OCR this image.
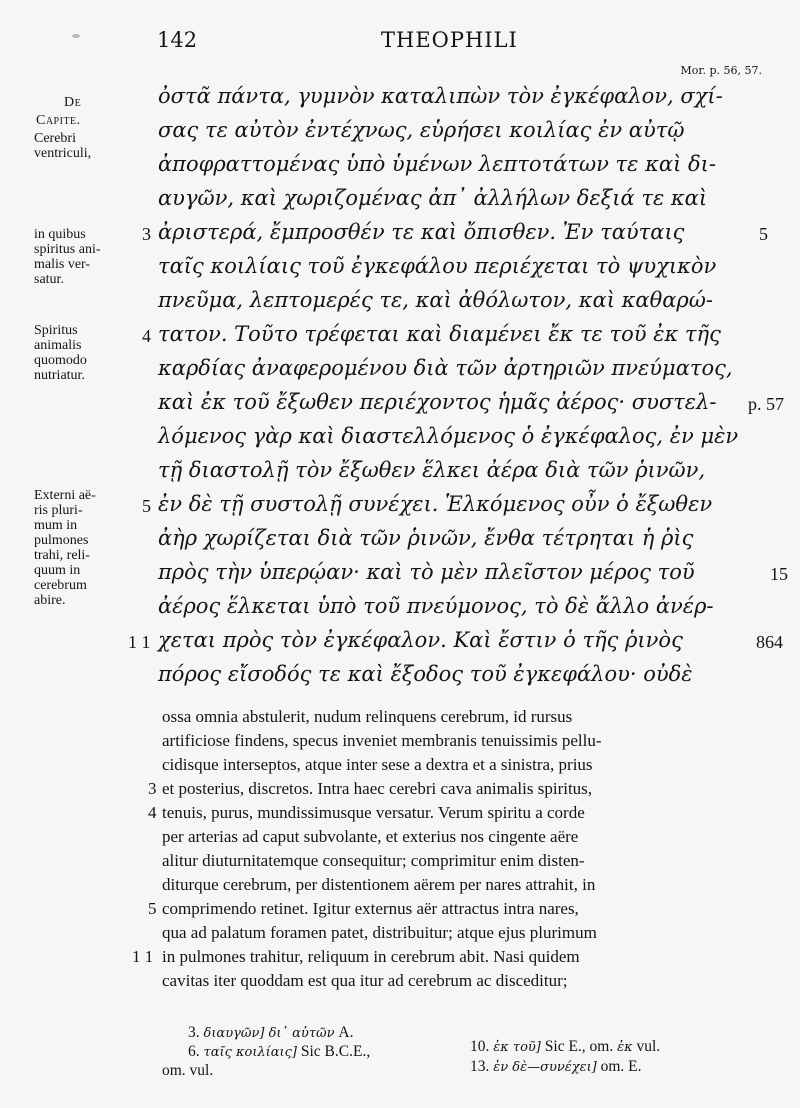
142	THEOPHILI
Mor. p. 56, 57.
De
Capite.
Cerebri
ventriculi,
in quibus
spiritus ani-
malis ver-
satur.
Spiritus
animalis
quomodo
nutriatur.
Externi aë-
ris pluri-
mum in
pulmones
trahi, reli-
quum in
cerebrum
abire.
ὀστᾶ πάντα, γυμνὸν καταλιπὼν τὸν ἐγκέφαλον, σχί-
σας τε αὐτὸν ἐντέχνως, εὑρήσει κοιλίας ἐν αὐτῷ
ἀποφραττομένας ὑπὸ ὑμένων λεπτοτάτων τε καὶ δι-
αυγῶν, καὶ χωριζομένας ἀπ᾽ ἀλλήλων δεξιά τε καὶ
ἀριστερά, ἔμπροσθέν τε καὶ ὄπισθεν. Ἐν ταύταις
ταῖς κοιλίαις τοῦ ἐγκεφάλου περιέχεται τὸ ψυχικὸν
πνεῦμα, λεπτομερές τε, καὶ ἀθόλωτον, καὶ καθαρώ-
τατον. Τοῦτο τρέφεται καὶ διαμένει ἔκ τε τοῦ ἐκ τῆς
καρδίας ἀναφερομένου διὰ τῶν ἀρτηριῶν πνεύματος,
καὶ ἐκ τοῦ ἔξωθεν περιέχοντος ἡμᾶς ἀέρος· συστελ-
λόμενος γὰρ καὶ διαστελλόμενος ὁ ἐγκέφαλος, ἐν μὲν
τῇ διαστολῇ τὸν ἔξωθεν ἕλκει ἀέρα διὰ τῶν ῥινῶν,
ἐν δὲ τῇ συστολῇ συνέχει. Ἑλκόμενος οὖν ὁ ἔξωθεν
ἀὴρ χωρίζεται διὰ τῶν ῥινῶν, ἔνθα τέτρηται ἡ ῥὶς
πρὸς τὴν ὑπερῴαν· καὶ τὸ μὲν πλεῖστον μέρος τοῦ
ἀέρος ἕλκεται ὑπὸ τοῦ πνεύμονος, τὸ δὲ ἄλλο ἀνέρ-
χεται πρὸς τὸν ἐγκέφαλον. Καὶ ἔστιν ὁ τῆς ῥινὸς
πόρος εἴσοδός τε καὶ ἔξοδος τοῦ ἐγκεφάλου· οὐδὲ
3
4
5
1 1
5
p. 57
15
864
ossa omnia abstulerit, nudum relinquens cerebrum, id rursus
artificiose findens, specus inveniet membranis tenuissimis pellu-
cidisque interseptos, atque inter sese a dextra et a sinistra, prius
et posterius, discretos. Intra haec cerebri cava animalis spiritus,
tenuis, purus, mundissimusque versatur. Verum spiritu a corde
per arterias ad caput subvolante, et exterius nos cingente aëre
alitur diuturnitatemque consequitur; comprimitur enim disten-
diturque cerebrum, per distentionem aërem per nares attrahit, in
comprimendo retinet. Igitur externus aër attractus intra nares,
qua ad palatum foramen patet, distribuitur; atque ejus plurimum
in pulmones trahitur, reliquum in cerebrum abit. Nasi quidem
cavitas iter quoddam est qua itur ad cerebrum ac disceditur;
3
4
5
1 1
3. διαυγῶν] δι᾽ αὐτῶν A.
6. ταῖς κοιλίαις] Sic B.C.E.,
om. vul.
10. ἐκ τοῦ] Sic E., om. ἐκ vul.
13. ἐν δὲ—συνέχει] om. E.
